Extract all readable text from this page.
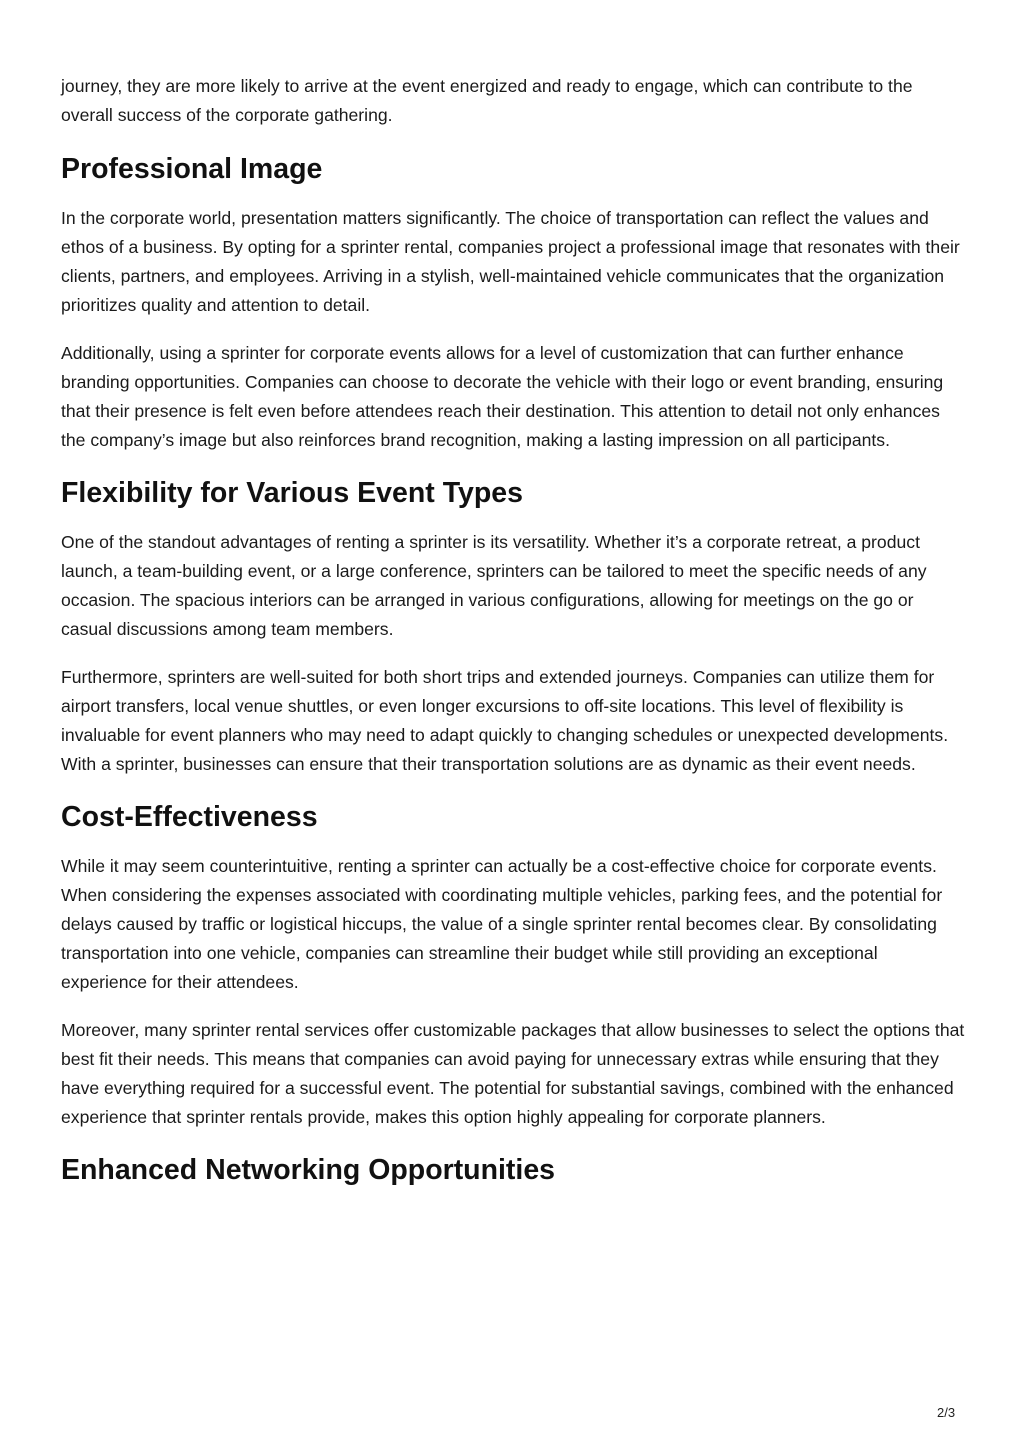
journey, they are more likely to arrive at the event energized and ready to engage, which can contribute to the overall success of the corporate gathering.

Professional Image

In the corporate world, presentation matters significantly. The choice of transportation can reflect the values and ethos of a business. By opting for a sprinter rental, companies project a professional image that resonates with their clients, partners, and employees. Arriving in a stylish, well-maintained vehicle communicates that the organization prioritizes quality and attention to detail.

Additionally, using a sprinter for corporate events allows for a level of customization that can further enhance branding opportunities. Companies can choose to decorate the vehicle with their logo or event branding, ensuring that their presence is felt even before attendees reach their destination. This attention to detail not only enhances the company’s image but also reinforces brand recognition, making a lasting impression on all participants.

Flexibility for Various Event Types

One of the standout advantages of renting a sprinter is its versatility. Whether it’s a corporate retreat, a product launch, a team-building event, or a large conference, sprinters can be tailored to meet the specific needs of any occasion. The spacious interiors can be arranged in various configurations, allowing for meetings on the go or casual discussions among team members.

Furthermore, sprinters are well-suited for both short trips and extended journeys. Companies can utilize them for airport transfers, local venue shuttles, or even longer excursions to off-site locations. This level of flexibility is invaluable for event planners who may need to adapt quickly to changing schedules or unexpected developments. With a sprinter, businesses can ensure that their transportation solutions are as dynamic as their event needs.

Cost-Effectiveness

While it may seem counterintuitive, renting a sprinter can actually be a cost-effective choice for corporate events. When considering the expenses associated with coordinating multiple vehicles, parking fees, and the potential for delays caused by traffic or logistical hiccups, the value of a single sprinter rental becomes clear. By consolidating transportation into one vehicle, companies can streamline their budget while still providing an exceptional experience for their attendees.

Moreover, many sprinter rental services offer customizable packages that allow businesses to select the options that best fit their needs. This means that companies can avoid paying for unnecessary extras while ensuring that they have everything required for a successful event. The potential for substantial savings, combined with the enhanced experience that sprinter rentals provide, makes this option highly appealing for corporate planners.

Enhanced Networking Opportunities
2/3
